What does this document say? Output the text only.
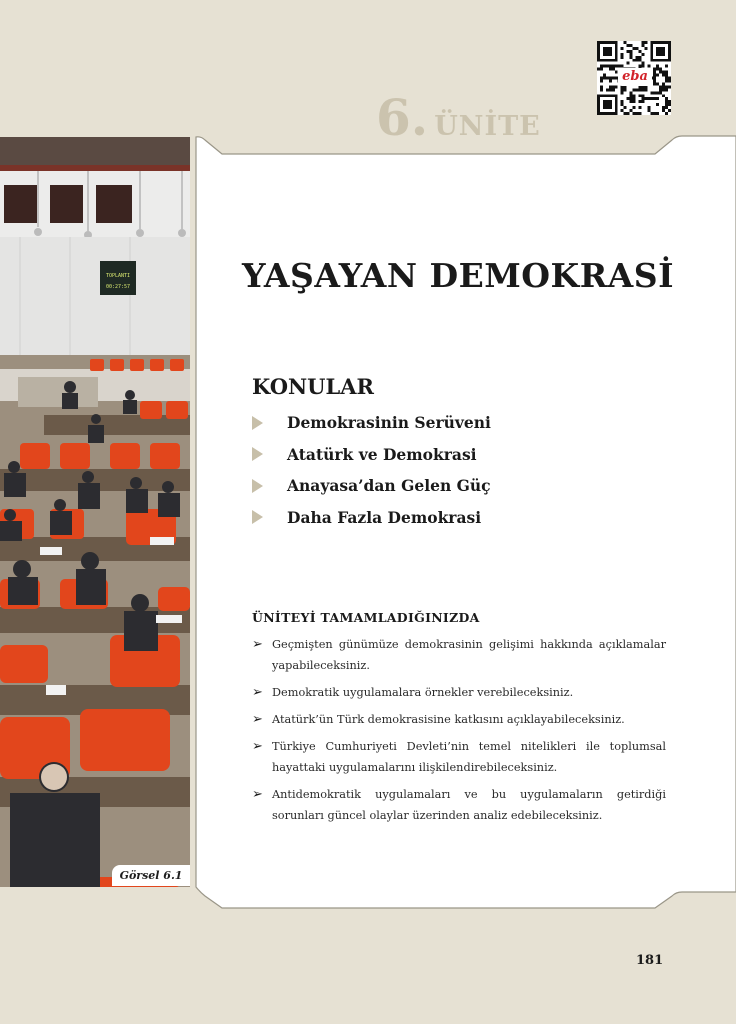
eba
6 . ÜNİTE
TOPLANTI
00:27:57
Görsel 6.1
YAŞAYAN DEMOKRASİ
KONULAR
Demokrasinin Serüveni
Atatürk ve Demokrasi
Anayasa’dan Gelen Güç
Daha Fazla Demokrasi
ÜNİTEYİ TAMAMLADIĞINIZDA
➢ Geçmişten günümüze demokrasinin gelişimi hakkında açıklamalar yapabileceksiniz.
➢ Demokratik uygulamalara örnekler verebileceksiniz.
➢ Atatürk’ün Türk demokrasisine katkısını açıklayabileceksiniz.
➢ Türkiye Cumhuriyeti Devleti’nin temel nitelikleri ile toplumsal hayattaki uygulamalarını ilişkilendirebileceksiniz.
➢ Antidemokratik uygulamaları ve bu uygulamaların getirdiği sorunları güncel olaylar üzerinden analiz edebileceksiniz.
181
